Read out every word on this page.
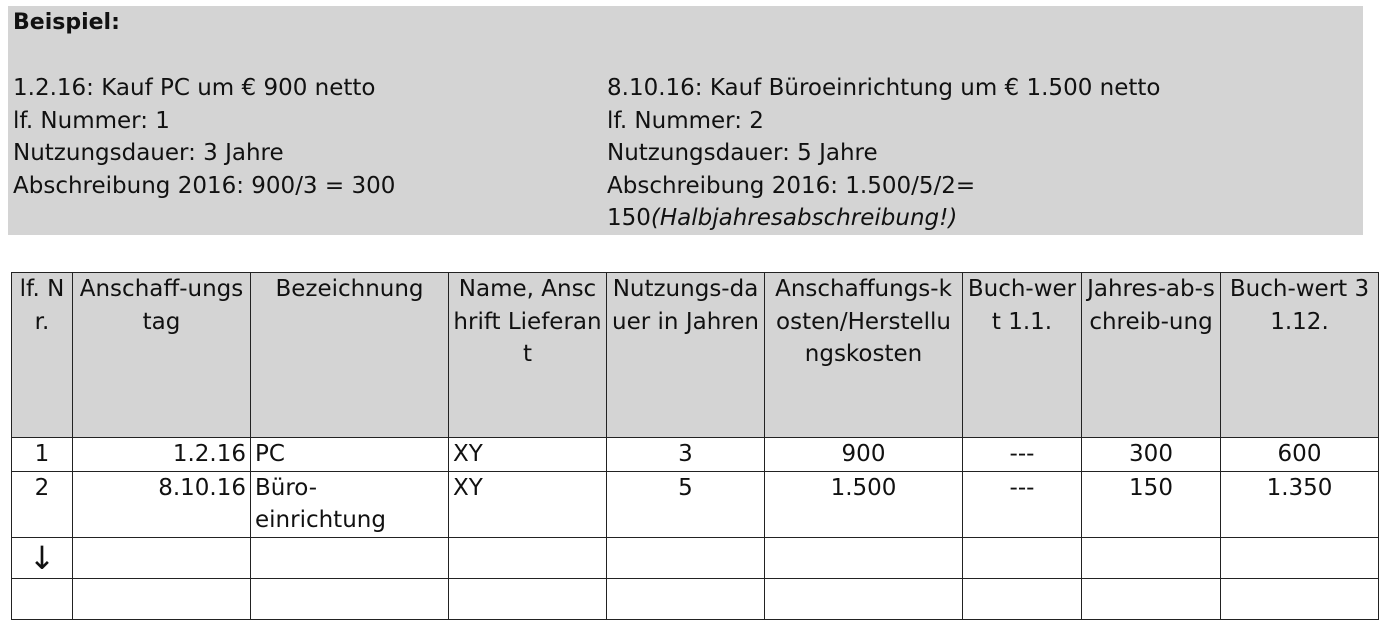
Beispiel:
1.2.16: Kauf PC um € 900 netto
lf. Nummer: 1
Nutzungsdauer: 3 Jahre
Abschreibung 2016: 900/3 = 300
8.10.16: Kauf Büroeinrichtung um € 1.500 netto
lf. Nummer: 2
Nutzungsdauer: 5 Jahre
Abschreibung 2016: 1.500/5/2=
150(Halbjahresabschreibung!)
lf. Nr.	Anschaff-ungstag	Bezeichnung	Name, Anschrift Lieferant	Nutzungs-dauer in Jahren	Anschaffungs-kosten/Herstellungskosten	Buch-wert 1.1.	Jahres-ab-schreib-ung	Buch-wert 31.12.
1	1.2.16	PC	XY	3	900	---	300	600
2	8.10.16	Büro-einrichtung	XY	5	1.500	---	150	1.350

↓								
